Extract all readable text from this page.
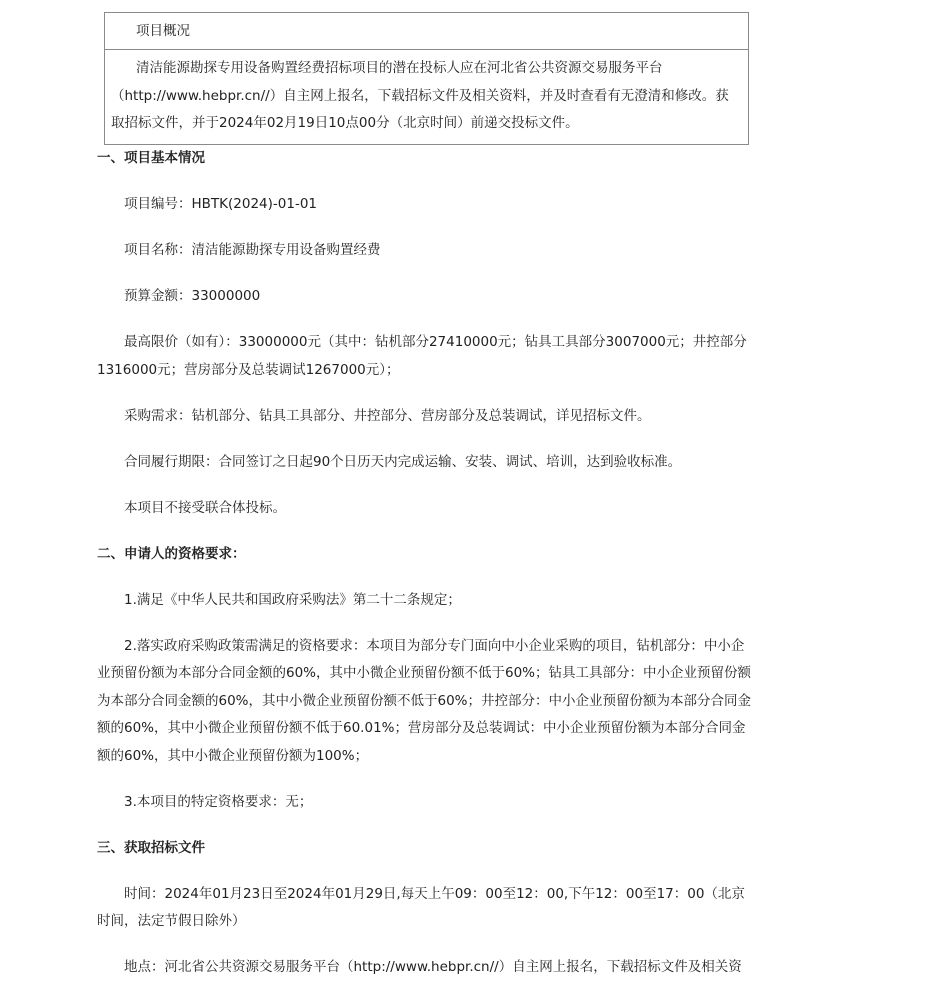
项目概况
清洁能源勘探专用设备购置经费招标项目的潜在投标人应在河北省公共资源交易服务平台（http://www.hebpr.cn//）自主网上报名，下载招标文件及相关资料，并及时查看有无澄清和修改。获取招标文件，并于2024年02月19日10点00分（北京时间）前递交投标文件。
一、项目基本情况
项目编号：HBTK(2024)-01-01
项目名称：清洁能源勘探专用设备购置经费
预算金额：33000000
最高限价（如有）：33000000元（其中：钻机部分27410000元；钻具工具部分3007000元；井控部分1316000元；营房部分及总装调试1267000元）；
采购需求：钻机部分、钻具工具部分、井控部分、营房部分及总装调试，详见招标文件。
合同履行期限：合同签订之日起90个日历天内完成运输、安装、调试、培训，达到验收标准。
本项目不接受联合体投标。
二、申请人的资格要求：
1.满足《中华人民共和国政府采购法》第二十二条规定；
2.落实政府采购政策需满足的资格要求：本项目为部分专门面向中小企业采购的项目，钻机部分：中小企业预留份额为本部分合同金额的60%，其中小微企业预留份额不低于60%；钻具工具部分：中小企业预留份额为本部分合同金额的60%，其中小微企业预留份额不低于60%；井控部分：中小企业预留份额为本部分合同金额的60%，其中小微企业预留份额不低于60.01%；营房部分及总装调试：中小企业预留份额为本部分合同金额的60%，其中小微企业预留份额为100%；
3.本项目的特定资格要求：无；
三、获取招标文件
时间：2024年01月23日至2024年01月29日,每天上午09：00至12：00,下午12：00至17：00（北京时间，法定节假日除外）
地点：河北省公共资源交易服务平台（http://www.hebpr.cn//）自主网上报名，下载招标文件及相关资
